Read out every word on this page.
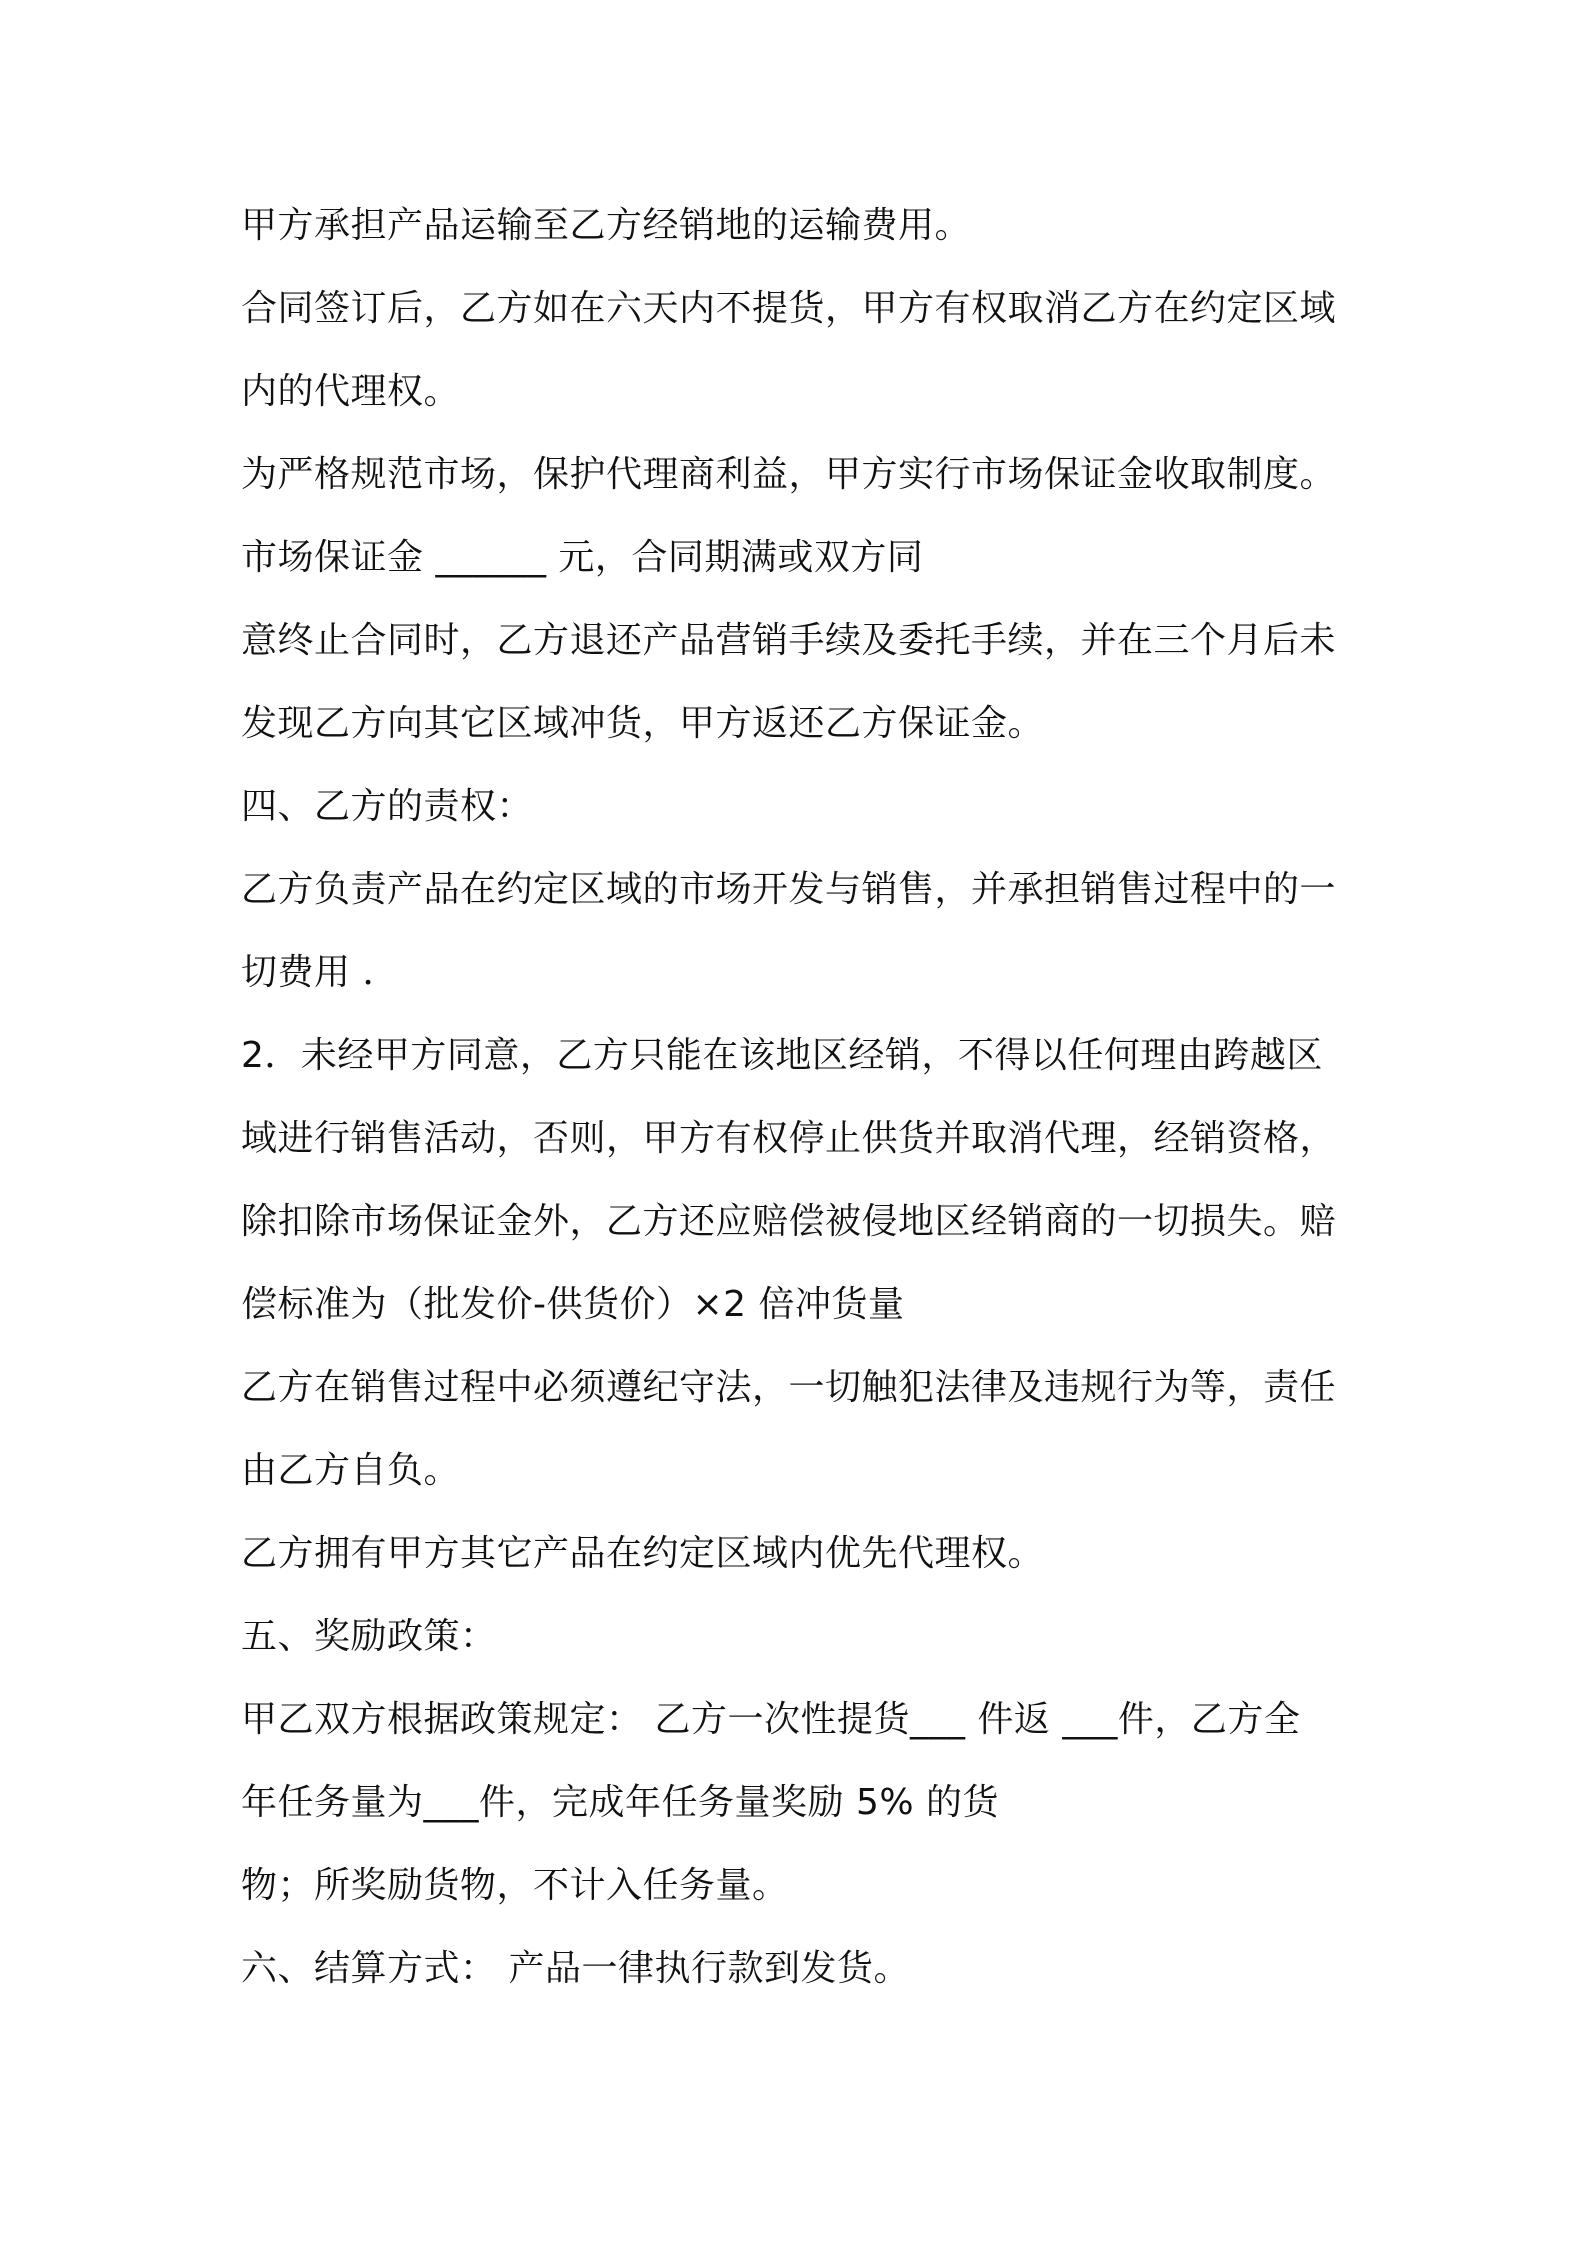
甲方承担产品运输至乙方经销地的运输费用。
合同签订后，乙方如在六天内不提货，甲方有权取消乙方在约定区域
内的代理权。
为严格规范市场，保护代理商利益，甲方实行市场保证金收取制度。
市场保证金 ______ 元，合同期满或双方同
意终止合同时，乙方退还产品营销手续及委托手续，并在三个月后未
发现乙方向其它区域冲货，甲方返还乙方保证金。
四、乙方的责权：
乙方负责产品在约定区域的市场开发与销售，并承担销售过程中的一
切费用 ．
2．未经甲方同意，乙方只能在该地区经销，不得以任何理由跨越区
域进行销售活动，否则，甲方有权停止供货并取消代理，经销资格，
除扣除市场保证金外，乙方还应赔偿被侵地区经销商的一切损失。赔
偿标准为（批发价-供货价）×2 倍冲货量
乙方在销售过程中必须遵纪守法，一切触犯法律及违规行为等，责任
由乙方自负。
乙方拥有甲方其它产品在约定区域内优先代理权。
五、奖励政策：
甲乙双方根据政策规定： 乙方一次性提货___ 件返 ___件，乙方全
年任务量为___件，完成年任务量奖励 5% 的货
物；所奖励货物，不计入任务量。
六、结算方式： 产品一律执行款到发货。
